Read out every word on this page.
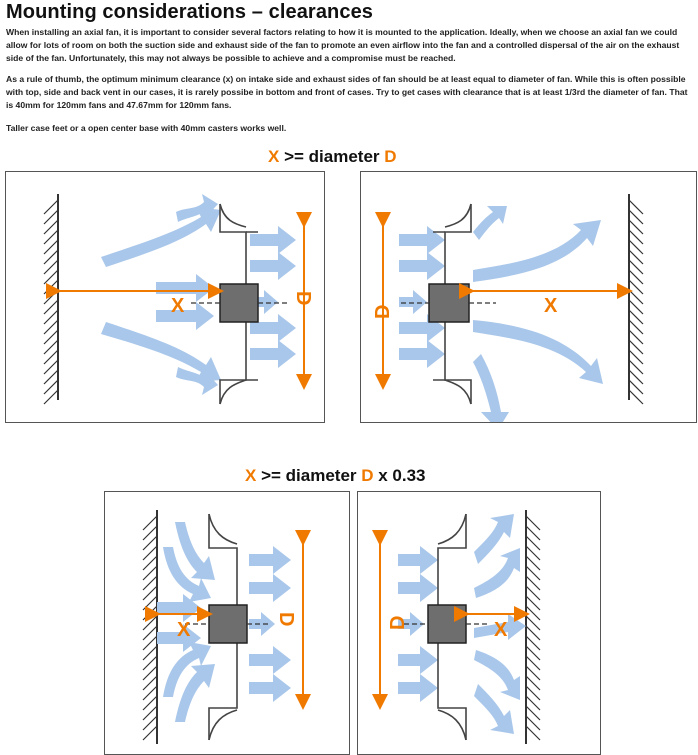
Mounting considerations – clearances
When installing an axial fan, it is important to consider several factors relating to how it is mounted to the application. Ideally, when we choose an axial fan we could allow for lots of room on both the suction side and exhaust side of the fan to promote an even airflow into the fan and a controlled dispersal of the air on the exhaust side of the fan. Unfortunately, this may not always be possible to achieve and a compromise must be reached.
As a rule of thumb, the optimum minimum clearance (x) on intake side and exhaust sides of fan should be at least equal to diameter of fan. While this is often possible with top, side and back vent in our cases, it is rarely possibe in bottom and front of cases. Try to get cases with clearance that is at least 1/3rd the diameter of fan. That is 40mm for 120mm fans and 47.67mm for 120mm fans.
Taller case feet or a open center base with 40mm casters works well.
X >= diameter D
X >= diameter D x 0.33
X	D	X
D
X	D	X
D
